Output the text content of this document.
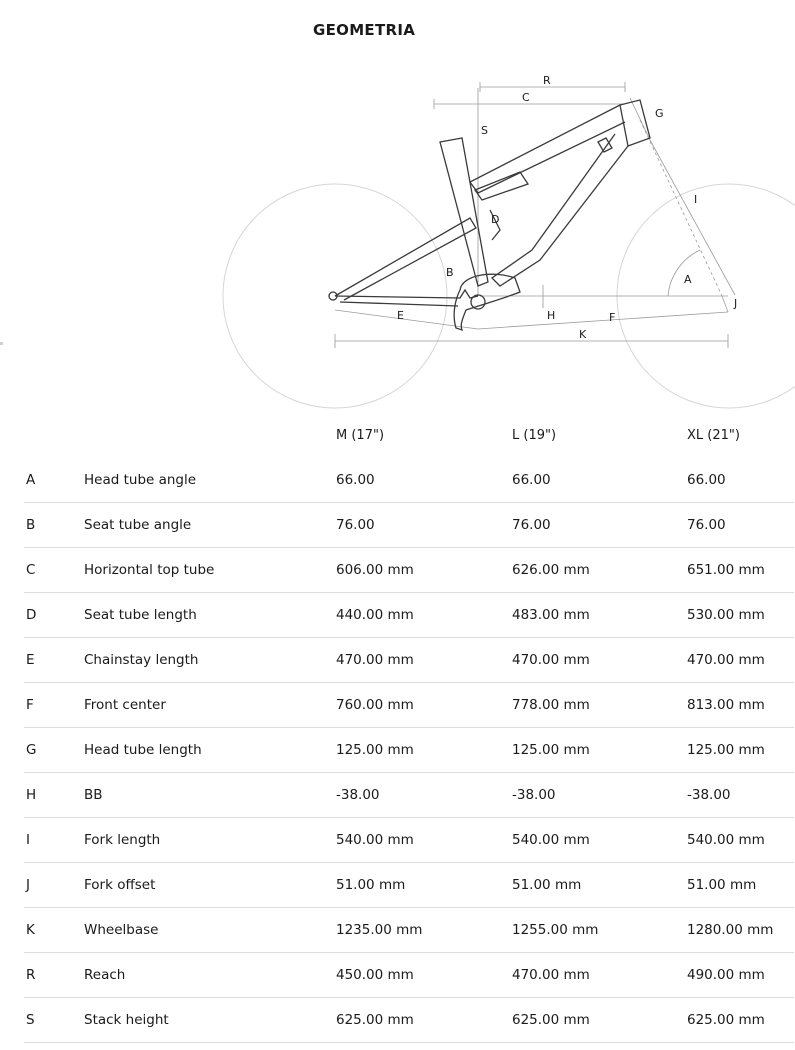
GEOMETRIA
R
C
G
S
I
D
A
B
J
H
E	F
K
M (17")	L (19")	XL (21")
A	Head tube angle	66.00	66.00	66.00
B	Seat tube angle	76.00	76.00	76.00
C	Horizontal top tube	606.00 mm	626.00 mm	651.00 mm
D	Seat tube length	440.00 mm	483.00 mm	530.00 mm
E	Chainstay length	470.00 mm	470.00 mm	470.00 mm
F	Front center	760.00 mm	778.00 mm	813.00 mm
G	Head tube length	125.00 mm	125.00 mm	125.00 mm
H	BB	-38.00	-38.00	-38.00
I	Fork length	540.00 mm	540.00 mm	540.00 mm
J	Fork offset	51.00 mm	51.00 mm	51.00 mm
K	Wheelbase	1235.00 mm	1255.00 mm	1280.00 mm
R	Reach	450.00 mm	470.00 mm	490.00 mm
S	Stack height	625.00 mm	625.00 mm	625.00 mm
